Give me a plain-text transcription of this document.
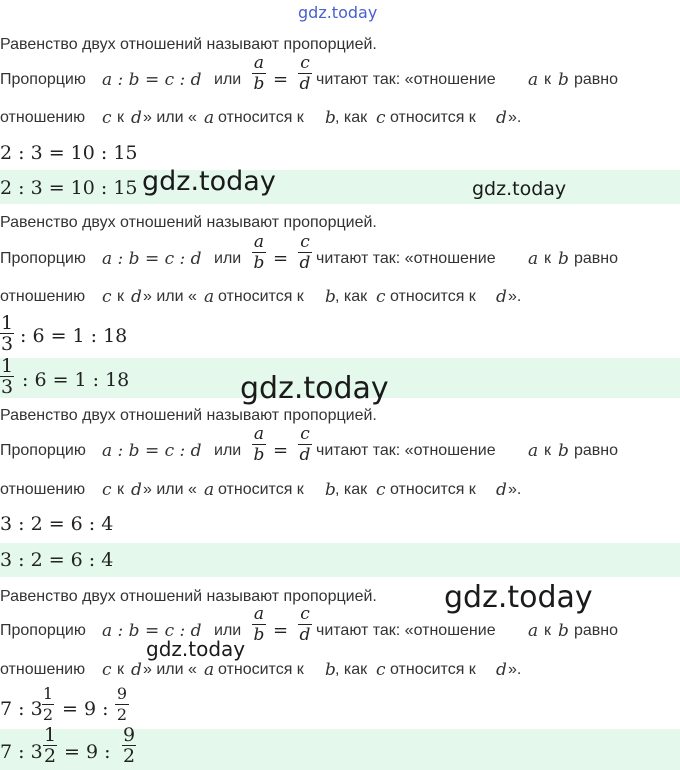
gdz.today
Равенство двух отношений называют пропорцией.
Пропорцию a : b = c : d или
a
b =
c
d читают так: «отношение a к b равно
отношению c к d » или « a относится к b , как c относится к d ».
2 : 3 = 10 : 15
2 : 3 = 10 : 15 gdz.today	gdz.today
Равенство двух отношений называют пропорцией.
Пропорцию a : b = c : d или
a
b =
c
d читают так: «отношение a к b равно
отношению c к d » или « a относится к b , как c относится к d ».
1
3 : 6 = 1 : 18
1
3 : 6 = 1 : 18	gdz.today
Равенство двух отношений называют пропорцией.
Пропорцию a : b = c : d или
a
b =
c
d читают так: «отношение a к b равно
отношению c к d » или « a относится к b , как c относится к d ».
3 : 2 = 6 : 4
3 : 2 = 6 : 4
Равенство двух отношений называют пропорцией. gdz.today
Пропорцию a : b = c : d или
a
b =
c
d читают так: «отношение a к b равно
gdz.today
отношению c к d » или « a относится к b , как c относится к d ».
7 : 3
1
2 = 9 :
9
2
7 : 3
1
2 = 9 :
9
2
